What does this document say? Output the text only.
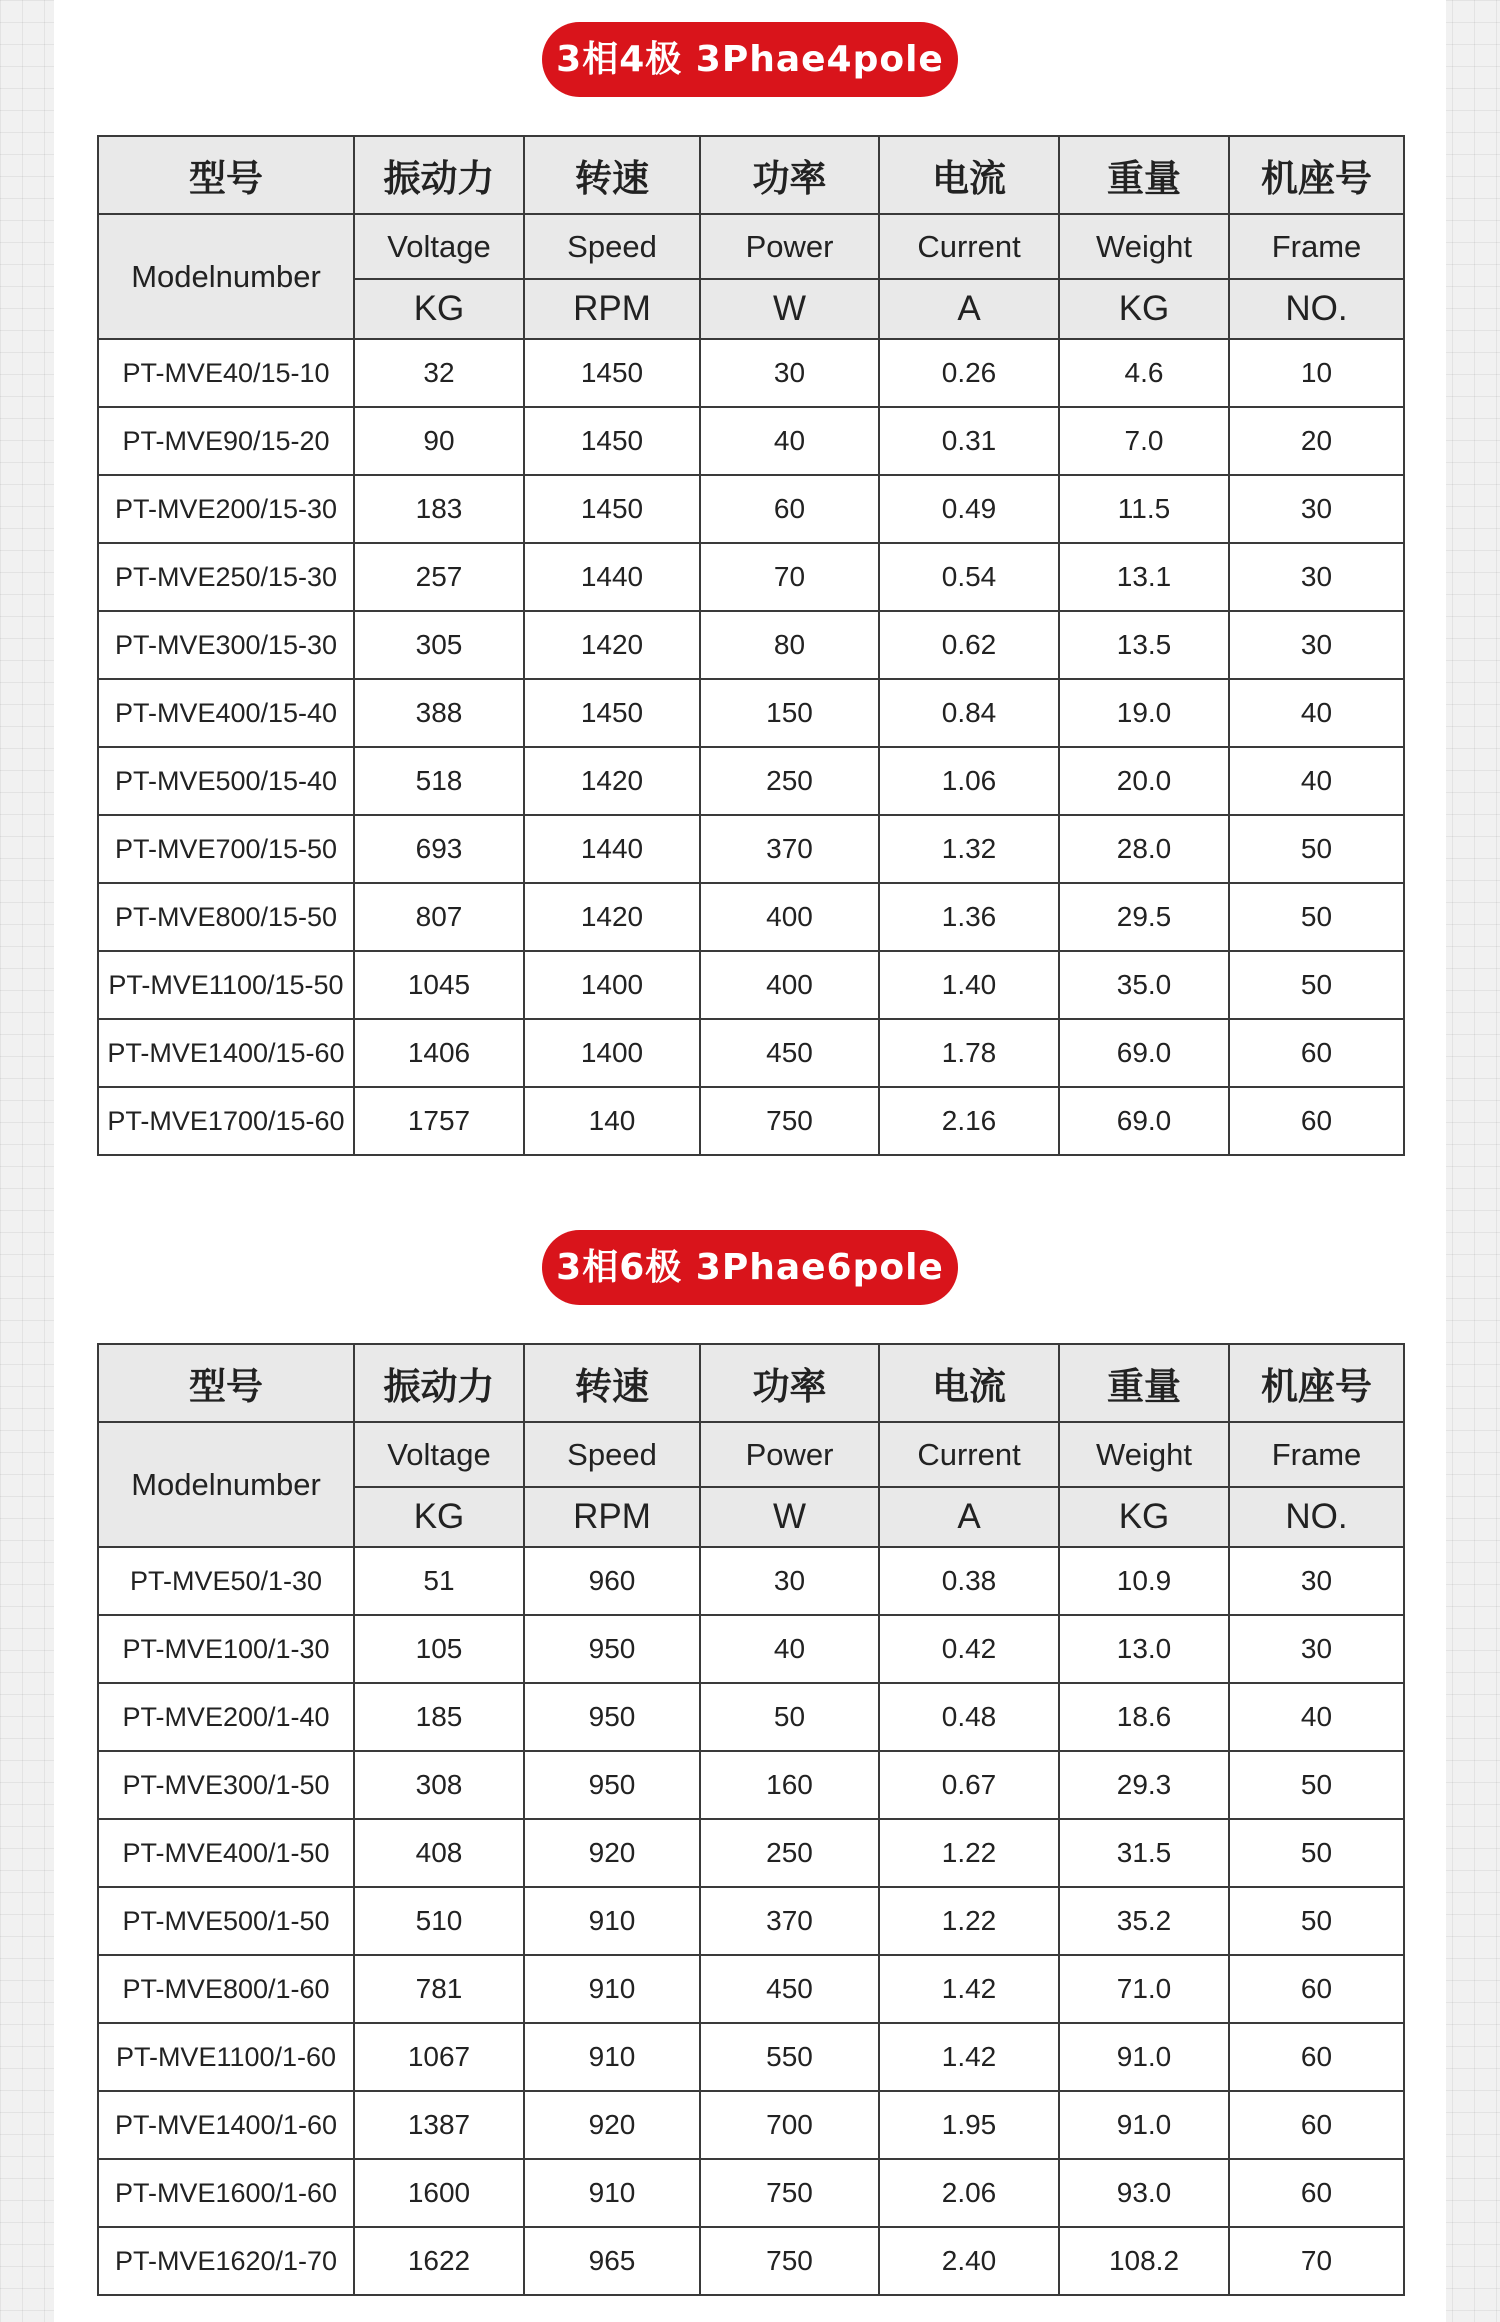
3相4极 3Phae4pole
型号	振动力	转速	功率	电流	重量	机座号
Modelnumber	Voltage	Speed	Power	Current	Weight	Frame
	KG	RPM	W	A	KG	NO.
PT-MVE40/15-10	32	1450	30	0.26	4.6	10
PT-MVE90/15-20	90	1450	40	0.31	7.0	20
PT-MVE200/15-30	183	1450	60	0.49	11.5	30
PT-MVE250/15-30	257	1440	70	0.54	13.1	30
PT-MVE300/15-30	305	1420	80	0.62	13.5	30
PT-MVE400/15-40	388	1450	150	0.84	19.0	40
PT-MVE500/15-40	518	1420	250	1.06	20.0	40
PT-MVE700/15-50	693	1440	370	1.32	28.0	50
PT-MVE800/15-50	807	1420	400	1.36	29.5	50
PT-MVE1100/15-50	1045	1400	400	1.40	35.0	50
PT-MVE1400/15-60	1406	1400	450	1.78	69.0	60
PT-MVE1700/15-60	1757	140	750	2.16	69.0	60
3相6极 3Phae6pole
型号	振动力	转速	功率	电流	重量	机座号
Modelnumber	Voltage	Speed	Power	Current	Weight	Frame
	KG	RPM	W	A	KG	NO.
PT-MVE50/1-30	51	960	30	0.38	10.9	30
PT-MVE100/1-30	105	950	40	0.42	13.0	30
PT-MVE200/1-40	185	950	50	0.48	18.6	40
PT-MVE300/1-50	308	950	160	0.67	29.3	50
PT-MVE400/1-50	408	920	250	1.22	31.5	50
PT-MVE500/1-50	510	910	370	1.22	35.2	50
PT-MVE800/1-60	781	910	450	1.42	71.0	60
PT-MVE1100/1-60	1067	910	550	1.42	91.0	60
PT-MVE1400/1-60	1387	920	700	1.95	91.0	60
PT-MVE1600/1-60	1600	910	750	2.06	93.0	60
PT-MVE1620/1-70	1622	965	750	2.40	108.2	70
